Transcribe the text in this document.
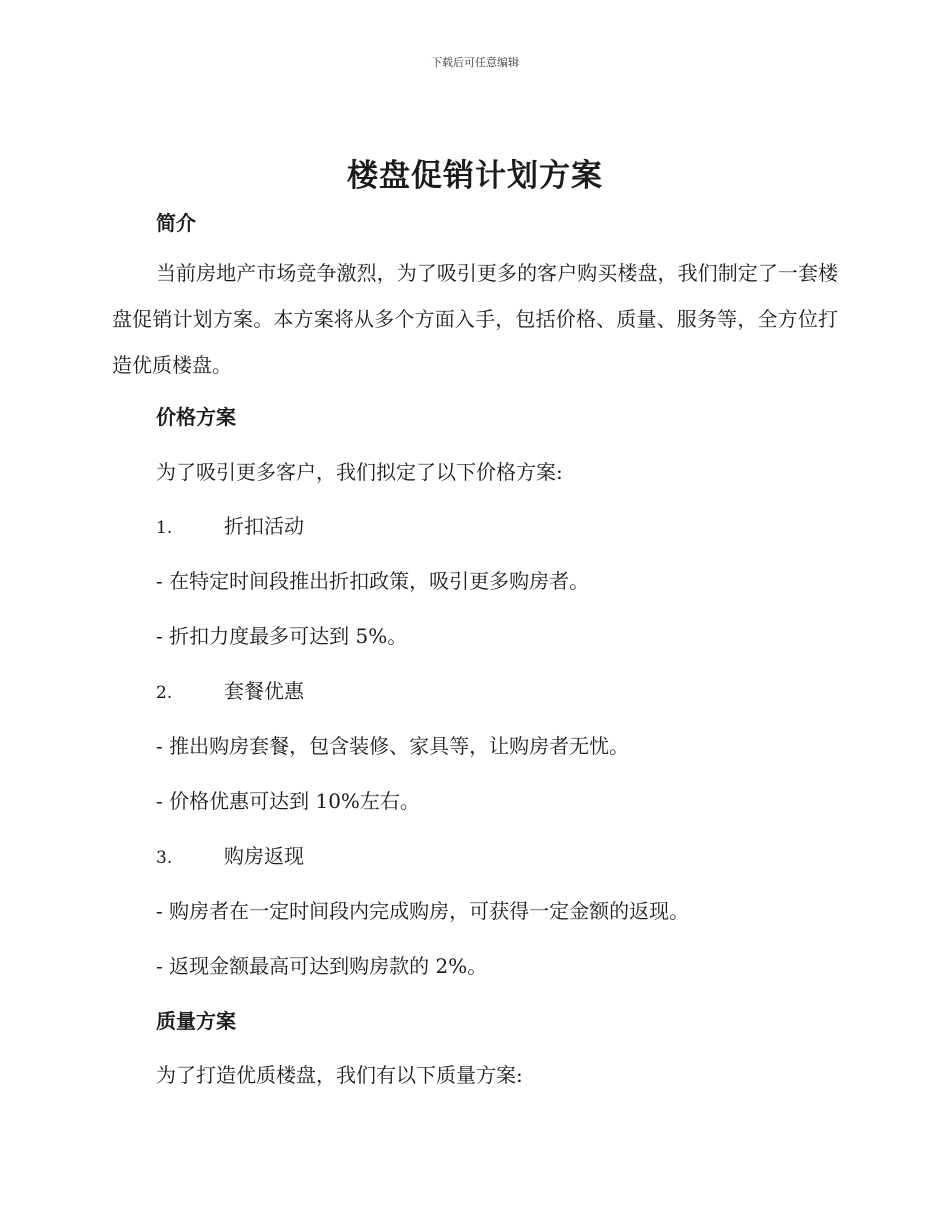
下载后可任意编辑
楼盘促销计划方案
简介

当前房地产市场竞争激烈，为了吸引更多的客户购买楼盘，我们制定了一套楼盘促销计划方案。本方案将从多个方面入手，包括价格、质量、服务等，全方位打造优质楼盘。

价格方案

为了吸引更多客户，我们拟定了以下价格方案:

1.	折扣活动

- 在特定时间段推出折扣政策，吸引更多购房者。

- 折扣力度最多可达到 5%。

2.	套餐优惠

- 推出购房套餐，包含装修、家具等，让购房者无忧。

- 价格优惠可达到 10%左右。

3.	购房返现

- 购房者在一定时间段内完成购房，可获得一定金额的返现。

- 返现金额最高可达到购房款的 2%。

质量方案

为了打造优质楼盘，我们有以下质量方案:
